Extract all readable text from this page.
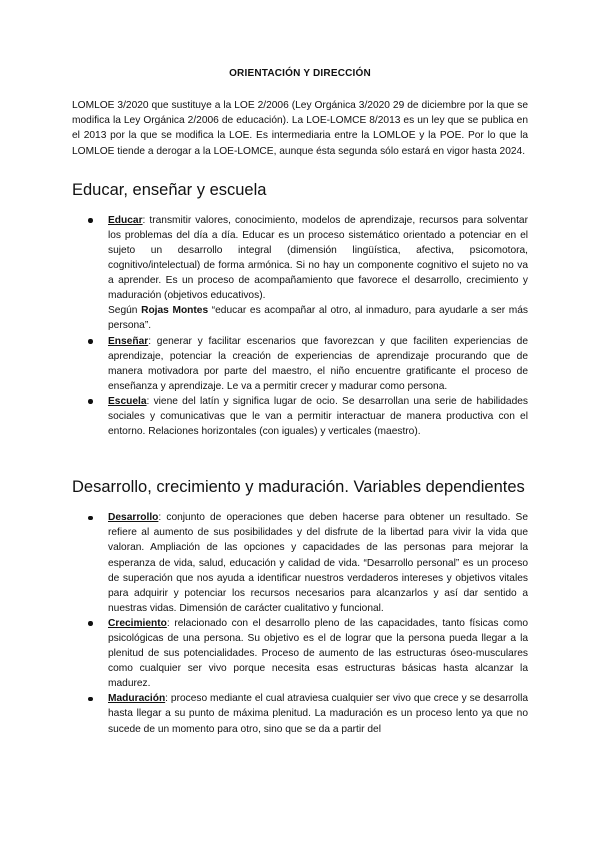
ORIENTACIÓN Y DIRECCIÓN

LOMLOE 3/2020 que sustituye a la LOE 2/2006 (Ley Orgánica 3/2020 29 de diciembre por la que se modifica la Ley Orgánica 2/2006 de educación). La LOE-LOMCE 8/2013 es un ley que se publica en el 2013 por la que se modifica la LOE. Es intermediaria entre la LOMLOE y la POE. Por lo que la LOMLOE tiende a derogar a la LOE-LOMCE, aunque ésta segunda sólo estará en vigor hasta 2024.

Educar, enseñar y escuela
Educar: transmitir valores, conocimiento, modelos de aprendizaje, recursos para solventar los problemas del día a día. Educar es un proceso sistemático orientado a potenciar en el sujeto un desarrollo integral (dimensión lingüística, afectiva, psicomotora, cognitivo/intelectual) de forma armónica. Si no hay un componente cognitivo el sujeto no va a aprender. Es un proceso de acompañamiento que favorece el desarrollo, crecimiento y maduración (objetivos educativos).
Según Rojas Montes “educar es acompañar al otro, al inmaduro, para ayudarle a ser más persona”.
Enseñar: generar y facilitar escenarios que favorezcan y que faciliten experiencias de aprendizaje, potenciar la creación de experiencias de aprendizaje procurando que de manera motivadora por parte del maestro, el niño encuentre gratificante el proceso de enseñanza y aprendizaje. Le va a permitir crecer y madurar como persona.
Escuela: viene del latín y significa lugar de ocio. Se desarrollan una serie de habilidades sociales y comunicativas que le van a permitir interactuar de manera productiva con el entorno. Relaciones horizontales (con iguales) y verticales (maestro).
Desarrollo, crecimiento y maduración. Variables dependientes
Desarrollo: conjunto de operaciones que deben hacerse para obtener un resultado. Se refiere al aumento de sus posibilidades y del disfrute de la libertad para vivir la vida que valoran. Ampliación de las opciones y capacidades de las personas para mejorar la esperanza de vida, salud, educación y calidad de vida. “Desarrollo personal” es un proceso de superación que nos ayuda a identificar nuestros verdaderos intereses y objetivos vitales para adquirir y potenciar los recursos necesarios para alcanzarlos y así dar sentido a nuestras vidas. Dimensión de carácter cualitativo y funcional.
Crecimiento: relacionado con el desarrollo pleno de las capacidades, tanto físicas como psicológicas de una persona. Su objetivo es el de lograr que la persona pueda llegar a la plenitud de sus potencialidades. Proceso de aumento de las estructuras óseo-musculares como cualquier ser vivo porque necesita esas estructuras básicas hasta alcanzar la madurez.
Maduración: proceso mediante el cual atraviesa cualquier ser vivo que crece y se desarrolla hasta llegar a su punto de máxima plenitud. La maduración es un proceso lento ya que no sucede de un momento para otro, sino que se da a partir del
